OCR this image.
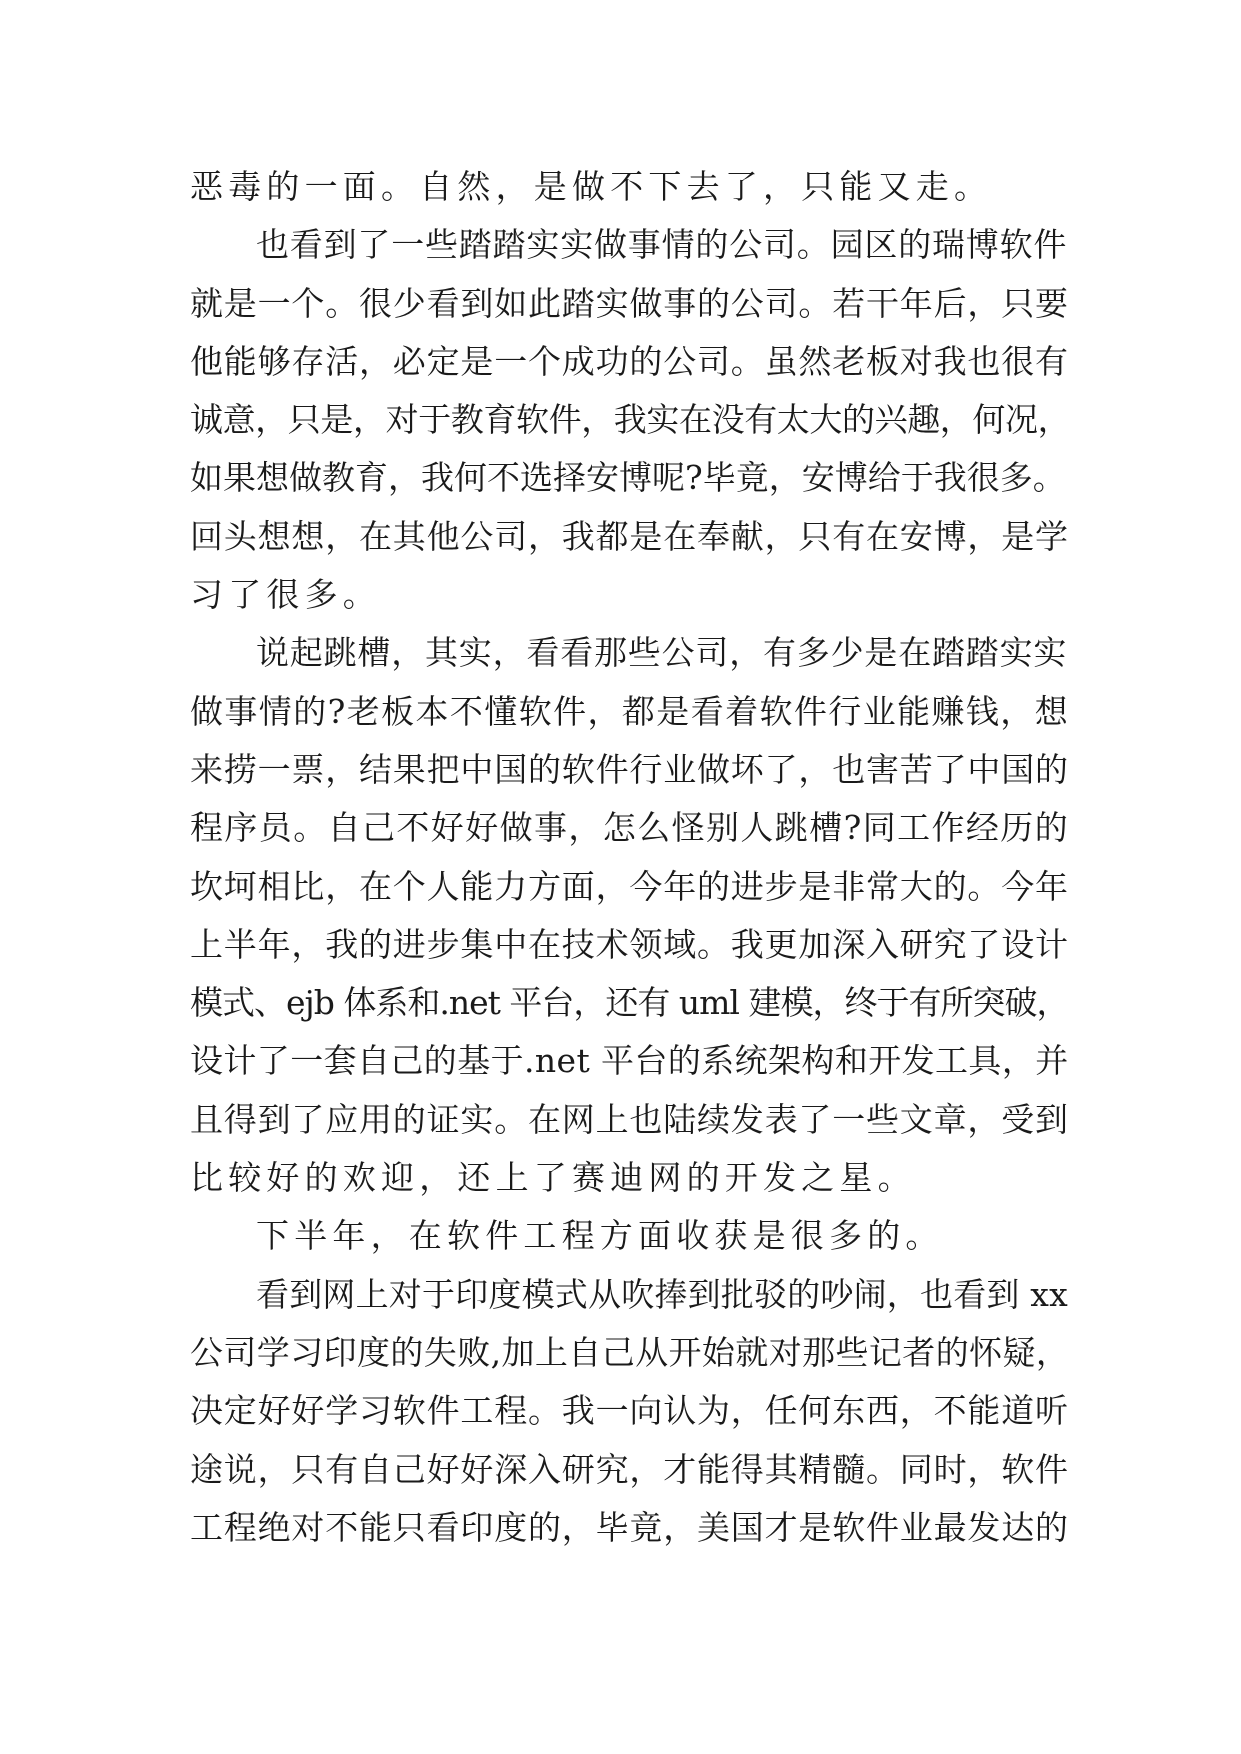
恶毒的一面。自然，是做不下去了，只能又走。
也看到了一些踏踏实实做事情的公司。园区的瑞博软件
就是一个。很少看到如此踏实做事的公司。若干年后，只要
他能够存活，必定是一个成功的公司。虽然老板对我也很有
诚意，只是，对于教育软件，我实在没有太大的兴趣，何况，
如果想做教育，我何不选择安博呢?毕竟，安博给于我很多。
回头想想，在其他公司，我都是在奉献，只有在安博，是学
习了很多。
说起跳槽，其实，看看那些公司，有多少是在踏踏实实
做事情的?老板本不懂软件，都是看着软件行业能赚钱，想
来捞一票，结果把中国的软件行业做坏了，也害苦了中国的
程序员。自己不好好做事，怎么怪别人跳槽?同工作经历的
坎坷相比，在个人能力方面，今年的进步是非常大的。今年
上半年，我的进步集中在技术领域。我更加深入研究了设计
模式、ejb 体系和.net 平台，还有 uml 建模，终于有所突破，
设计了一套自己的基于.net 平台的系统架构和开发工具，并
且得到了应用的证实。在网上也陆续发表了一些文章，受到
比较好的欢迎，还上了赛迪网的开发之星。
下半年，在软件工程方面收获是很多的。
看到网上对于印度模式从吹捧到批驳的吵闹，也看到 xx
公司学习印度的失败,加上自己从开始就对那些记者的怀疑，
决定好好学习软件工程。我一向认为，任何东西，不能道听
途说，只有自己好好深入研究，才能得其精髓。同时，软件
工程绝对不能只看印度的，毕竟，美国才是软件业最发达的
